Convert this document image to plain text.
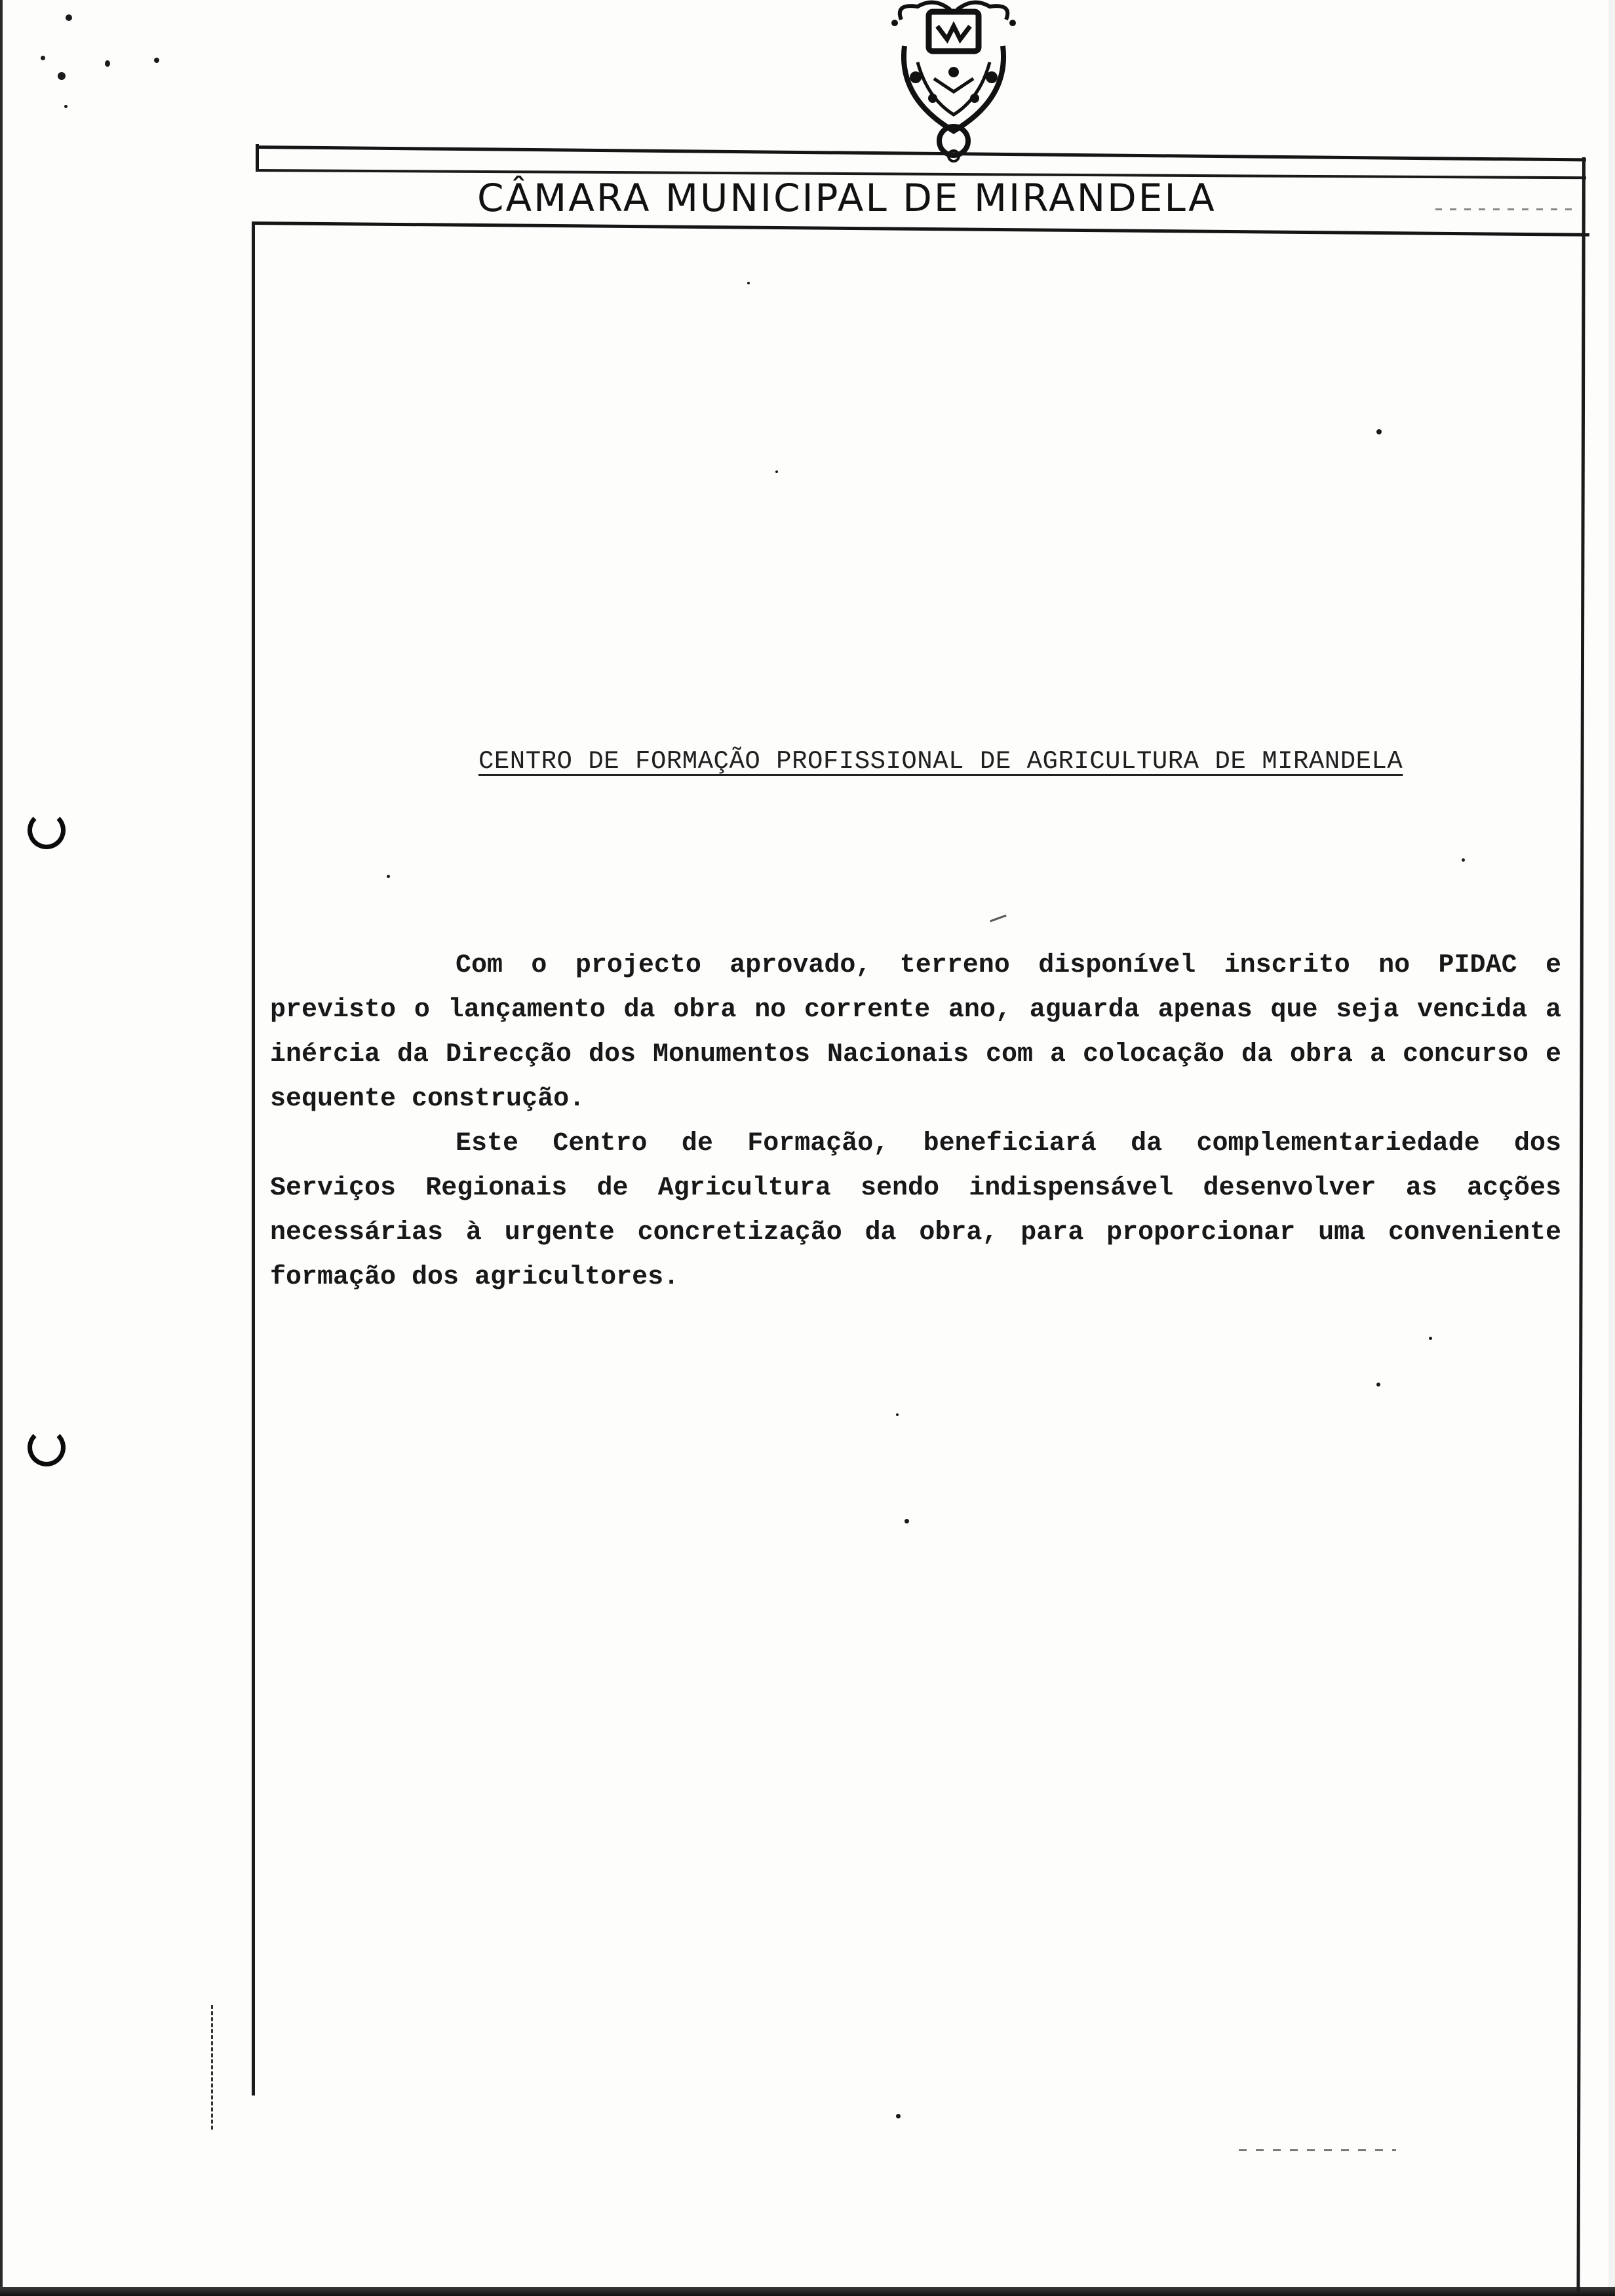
CÂMARA MUNICIPAL DE MIRANDELA
CENTRO DE FORMAÇÃO PROFISSIONAL DE AGRICULTURA DE MIRANDELA

Com o projecto aprovado, terreno disponível inscrito no PIDAC e previsto o lançamento da obra no corrente ano, aguarda apenas que seja vencida a inércia da Direcção dos Monumentos Nacionais com a colocação da obra a concurso e sequente construção.

Este Centro de Formação, beneficiará da complementariedade dos Serviços Regionais de Agricultura sendo indispensável desenvolver as acções necessárias à urgente concretização da obra, para proporcionar uma conveniente formação dos agricultores.
